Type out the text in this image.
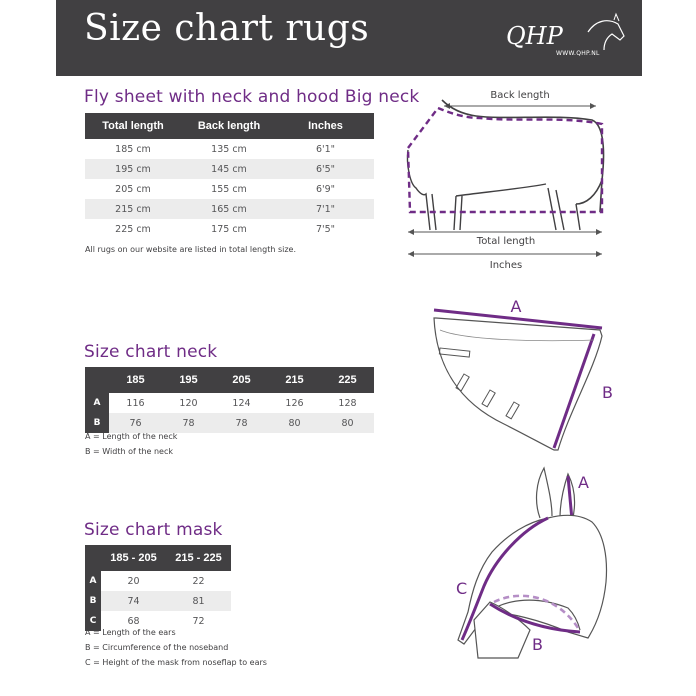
Size chart rugs	QHP
WWW.QHP.NL
Fly sheet with neck and hood Big neck
Total length	Back length	Inches
185 cm	135 cm	6'1"
195 cm	145 cm	6'5"
205 cm	155 cm	6'9"
215 cm	165 cm	7'1"
225 cm	175 cm	7'5"
All rugs on our website are listed in total length size.
Back length
Total length
Inches
Size chart neck
	185	195	205	215	225
A	116	120	124	126	128
B	76	78	78	80	80
A = Length of the neck
B = Width of the neck
A
B
Size chart mask
	185 - 205	215 - 225
A	20	22
B	74	81
C	68	72
A = Length of the ears
B = Circumference of the noseband
C = Height of the mask from noseflap to ears
A
C
B
